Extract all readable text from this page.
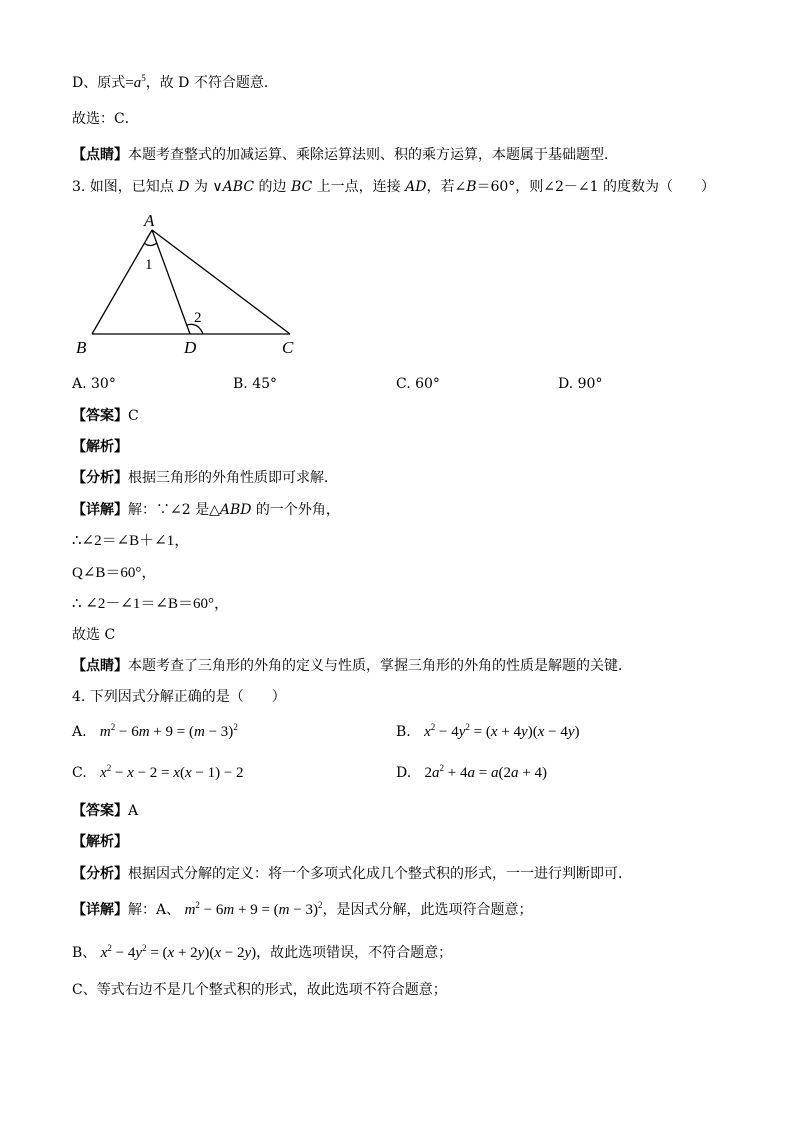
D、原式$=a^5$，故 D 不符合题意．
故选：C．
【点睛】本题考查整式的加减运算、乘除运算法则、积的乘方运算，本题属于基础题型．
3. 如图，已知点 D 为 ∨ABC 的边 BC 上一点，连接 AD，若∠B＝60°，则∠2－∠1 的度数为（　　）
A
B	D	C
1
2
A. 30°	B. 45°	C. 60°	D. 90°
【答案】C
【解析】
【分析】根据三角形的外角性质即可求解．
【详解】解：∵∠2 是△ABD 的一个外角，
∴∠2＝∠B＋∠1，
Q∠B＝60°，
∴ ∠2－∠1＝∠B＝60°，
故选 C
【点睛】本题考查了三角形的外角的定义与性质，掌握三角形的外角的性质是解题的关键．
4. 下列因式分解正确的是（　　）
A. $m^2 - 6m + 9 = (m - 3)^2$	B. $x^2 - 4y^2 = (x + 4y)(x - 4y)$
C. $x^2 - x - 2 = x(x - 1) - 2$	D. $2a^2 + 4a = a(2a + 4)$
【答案】A
【解析】
【分析】根据因式分解的定义：将一个多项式化成几个整式积的形式，一一进行判断即可．
【详解】解：A、 $m^2 - 6m + 9 = (m - 3)^2$，是因式分解，此选项符合题意；
B、 $x^2 - 4y^2 = (x + 2y)(x - 2y)$，故此选项错误，不符合题意；
C、等式右边不是几个整式积的形式，故此选项不符合题意；
